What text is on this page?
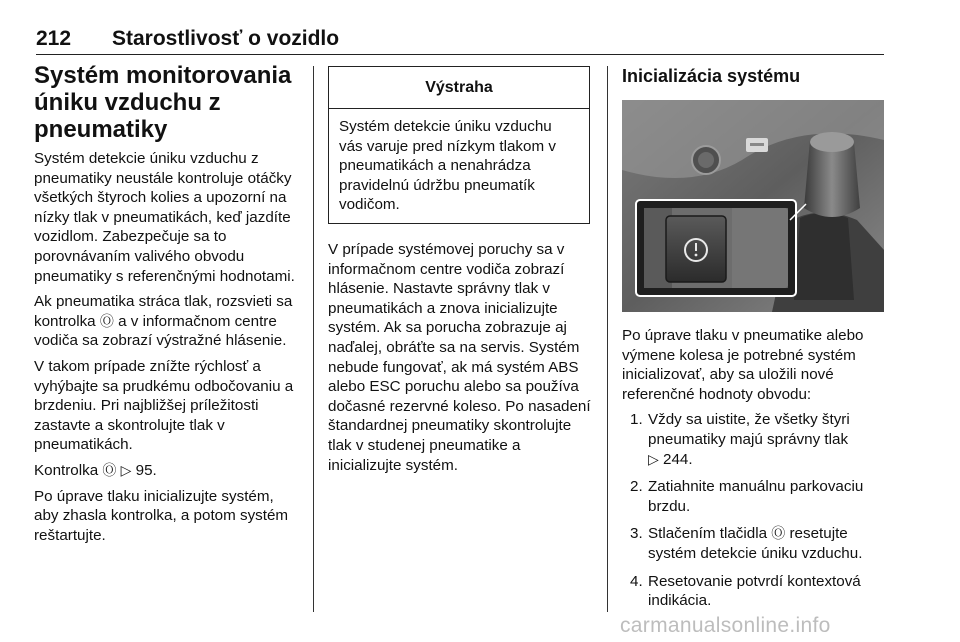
212 Starostlivosť o vozidlo
Systém monitorovania úniku vzduchu z pneumatiky

Systém detekcie úniku vzduchu z pneumatiky neustále kontroluje otáčky všetkých štyroch kolies a upozorní na nízky tlak v pneumatikách, keď jazdíte vozidlom. Zabezpečuje sa to porovnávaním valivého obvodu pneumatiky s referenčnými hodnotami.

Ak pneumatika stráca tlak, rozsvieti sa kontrolka Ⓞ a v informačnom centre vodiča sa zobrazí výstražné hlásenie.

V takom prípade znížte rýchlosť a vyhýbajte sa prudkému odbočovaniu a brzdeniu. Pri najbližšej príležitosti zastavte a skontrolujte tlak v pneumatikách.

Kontrolka Ⓞ ▷ 95.

Po úprave tlaku inicializujte systém, aby zhasla kontrolka, a potom systém reštartujte.

Výstraha
Systém detekcie úniku vzduchu vás varuje pred nízkym tlakom v pneumatikách a nenahrádza pravidelnú údržbu pneumatík vodičom.

V prípade systémovej poruchy sa v informačnom centre vodiča zobrazí hlásenie. Nastavte správny tlak v pneumatikách a znova inicializujte systém. Ak sa porucha zobrazuje aj naďalej, obráťte sa na servis. Systém nebude fungovať, ak má systém ABS alebo ESC poruchu alebo sa používa dočasné rezervné koleso. Po nasadení štandardnej pneumatiky skontrolujte tlak v studenej pneumatike a inicializujte systém.

Inicializácia systému

Po úprave tlaku v pneumatike alebo výmene kolesa je potrebné systém inicializovať, aby sa uložili nové referenčné hodnoty obvodu:

1. Vždy sa uistite, že všetky štyri pneumatiky majú správny tlak
▷ 244.
2. Zatiahnite manuálnu parkovaciu brzdu.
3. Stlačením tlačidla Ⓞ resetujte systém detekcie úniku vzduchu.
4. Resetovanie potvrdí kontextová indikácia.
carmanualsonline.info
